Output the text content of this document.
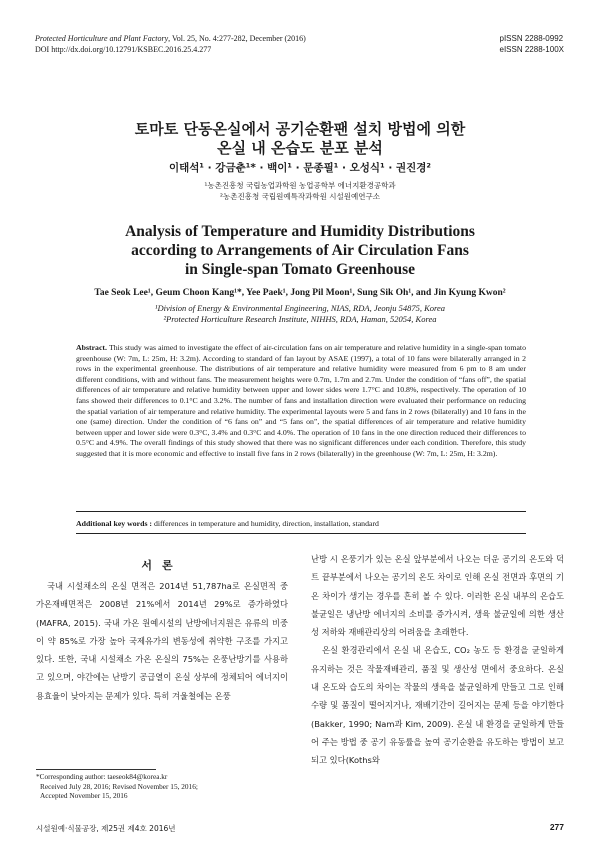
Protected Horticulture and Plant Factory, Vol. 25, No. 4:277-282, December (2016)
DOI http://dx.doi.org/10.12791/KSBEC.2016.25.4.277
pISSN 2288-0992
eISSN 2288-100X
토마토 단동온실에서 공기순환팬 설치 방법에 의한
온실 내 온습도 분포 분석
이태석¹ · 강금춘¹* · 백이¹ · 문종필¹ · 오성식¹ · 권진경²
¹농촌진흥청 국립농업과학원 농업공학부 에너지환경공학과
²농촌진흥청 국립원예특작과학원 시설원예연구소
Analysis of Temperature and Humidity Distributions
according to Arrangements of Air Circulation Fans
in Single-span Tomato Greenhouse
Tae Seok Lee¹, Geum Choon Kang¹*, Yee Paek¹, Jong Pil Moon¹, Sung Sik Oh¹, and Jin Kyung Kwon²
¹Division of Energy & Environmental Engineering, NIAS, RDA, Jeonju 54875, Korea
²Protected Horticulture Research Institute, NIHHS, RDA, Haman, 52054, Korea
Abstract. This study was aimed to investigate the effect of air-circulation fans on air temperature and relative humidity in a single-span tomato greenhouse (W: 7m, L: 25m, H: 3.2m). According to standard of fan layout by ASAE (1997), a total of 10 fans were bilaterally arranged in 2 rows in the experimental greenhouse. The distributions of air temperature and relative humidity were measured from 6 pm to 8 am under different conditions, with and without fans. The measurement heights were 0.7m, 1.7m and 2.7m. Under the condition of “fans off”, the spatial differences of air temperature and relative humidity between upper and lower sides were 1.7°C and 10.8%, respectively. The operation of 10 fans showed their differences to 0.1°C and 3.2%. The number of fans and installation direction were evaluated their performance on reducing the spatial variation of air temperature and relative humidity. The experimental layouts were 5 and fans in 2 rows (bilaterally) and 10 fans in the one (same) direction. Under the condition of “6 fans on” and “5 fans on”, the spatial differences of air temperature and relative humidity between upper and lower side were 0.3°C, 3.4% and 0.3°C and 4.0%. The operation of 10 fans in the one direction reduced their differences to 0.5°C and 4.9%. The overall findings of this study showed that there was no significant differences under each condition. Therefore, this study suggested that it is more economic and effective to install five fans in 2 rows (bilaterally) in the greenhouse (W: 7m, L: 25m, H: 3.2m).
Additional key words : differences in temperature and humidity, direction, installation, standard
서론

국내 시설채소의 온실 면적은 2014년 51,787ha로 온실면적 중 가온재배면적은 2008년 21%에서 2014년 29%로 증가하였다(MAFRA, 2015). 국내 가온 원예시설의 난방에너지원은 유류의 비중이 약 85%로 가장 높아 국제유가의 변동성에 취약한 구조를 가지고 있다. 또한, 국내 시설채소 가온 온실의 75%는 온풍난방기를 사용하고 있으며, 야간에는 난방기 공급열이 온실 상부에 정체되어 에너지이용효율이 낮아지는 문제가 있다. 특히 겨울철에는 온풍

난방 시 온풍기가 있는 온실 앞부분에서 나오는 더운 공기의 온도와 덕트 끝부분에서 나오는 공기의 온도 차이로 인해 온실 전면과 후면의 기온 차이가 생기는 경우를 흔히 볼 수 있다. 이러한 온실 내부의 온습도 불균일은 냉난방 에너지의 소비를 증가시켜, 생육 불균일에 의한 생산성 저하와 재배관리상의 어려움을 초래한다.

온실 환경관리에서 온실 내 온습도, CO₂ 농도 등 환경을 균일하게 유지하는 것은 작물재배관리, 품질 및 생산성 면에서 중요하다. 온실 내 온도와 습도의 차이는 작물의 생육을 불균일하게 만들고 그로 인해 수량 및 품질이 떨어지거나, 재배기간이 길어지는 문제 등을 야기한다(Bakker, 1990; Nam과 Kim, 2009). 온실 내 환경을 균일하게 만들어 주는 방법 중 공기 유동률을 높여 공기순환을 유도하는 방법이 보고되고 있다(Koths와

*Corresponding author: taeseok84@korea.kr
Received July 28, 2016; Revised November 15, 2016;
Accepted November 15, 2016
시설원예·식물공장, 제25권 제4호 2016년	277
